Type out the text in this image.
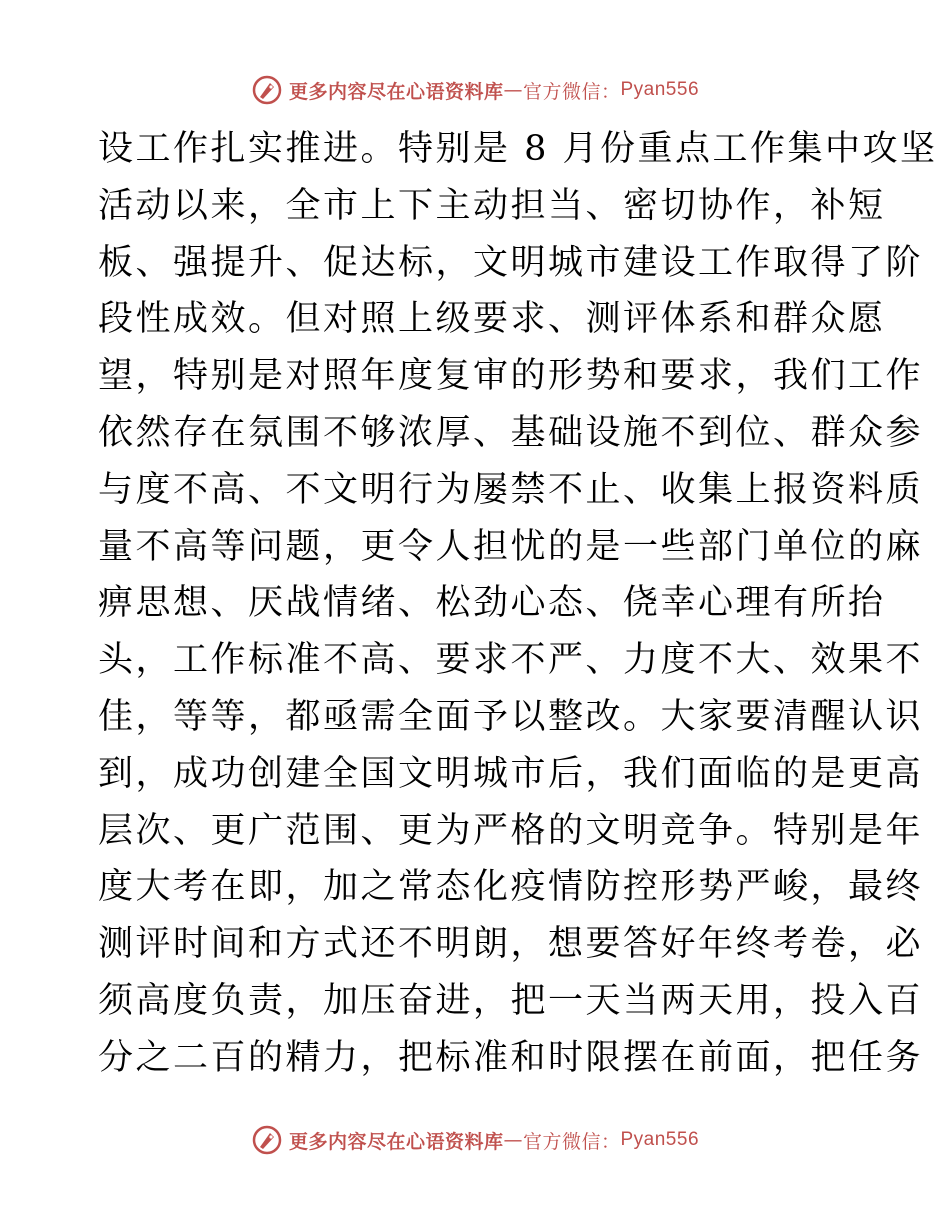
更多内容尽在心语资料库 — 官方微信： Pyan556
设工作扎实推进。特别是 8 月份重点工作集中攻坚
活动以来，全市上下主动担当、密切协作，补短
板、强提升、促达标，文明城市建设工作取得了阶
段性成效。但对照上级要求、测评体系和群众愿
望，特别是对照年度复审的形势和要求，我们工作
依然存在氛围不够浓厚、基础设施不到位、群众参
与度不高、不文明行为屡禁不止、收集上报资料质
量不高等问题，更令人担忧的是一些部门单位的麻
痹思想、厌战情绪、松劲心态、侥幸心理有所抬
头，工作标准不高、要求不严、力度不大、效果不
佳，等等，都亟需全面予以整改。大家要清醒认识
到，成功创建全国文明城市后，我们面临的是更高
层次、更广范围、更为严格的文明竞争。特别是年
度大考在即，加之常态化疫情防控形势严峻，最终
测评时间和方式还不明朗，想要答好年终考卷，必
须高度负责，加压奋进，把一天当两天用，投入百
分之二百的精力，把标准和时限摆在前面，把任务
更多内容尽在心语资料库 — 官方微信： Pyan556
